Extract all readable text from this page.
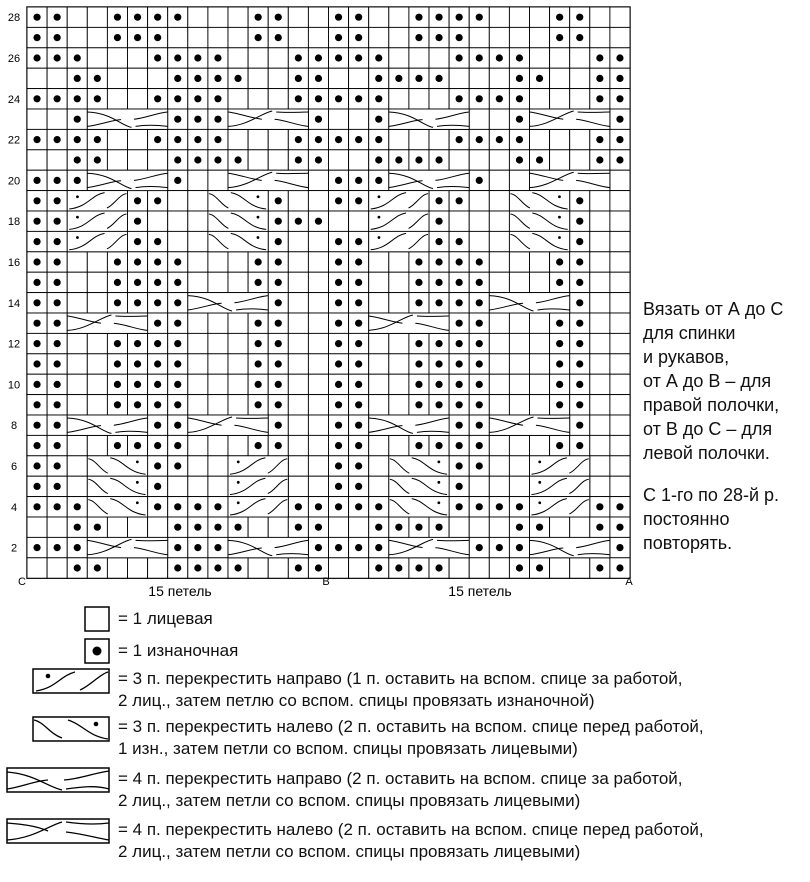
2
4
6
8
10
12
14
16
18
20
22
24
26
28
C	B	A
15 петель	15 петель
Вязать от А до С
для спинки
и рукавов,
от А до В – для
правой полочки,
от В до С – для
левой полочки.
С 1-го по 28-й р.
постоянно
повторять.
= 1 лицевая
= 1 изнаночная
= 3 п. перекрестить направо (1 п. оставить на вспом. спице за работой,
2 лиц., затем петлю со вспом. спицы провязать изнаночной)
= 3 п. перекрестить налево (2 п. оставить на вспом. спице перед работой,
1 изн., затем петли со вспом. спицы провязать лицевыми)
= 4 п. перекрестить направо (2 п. оставить на вспом. спице за работой,
2 лиц., затем петли со вспом. спицы провязать лицевыми)
= 4 п. перекрестить налево (2 п. оставить на вспом. спице перед работой,
2 лиц., затем петли со вспом. спицы провязать лицевыми)
